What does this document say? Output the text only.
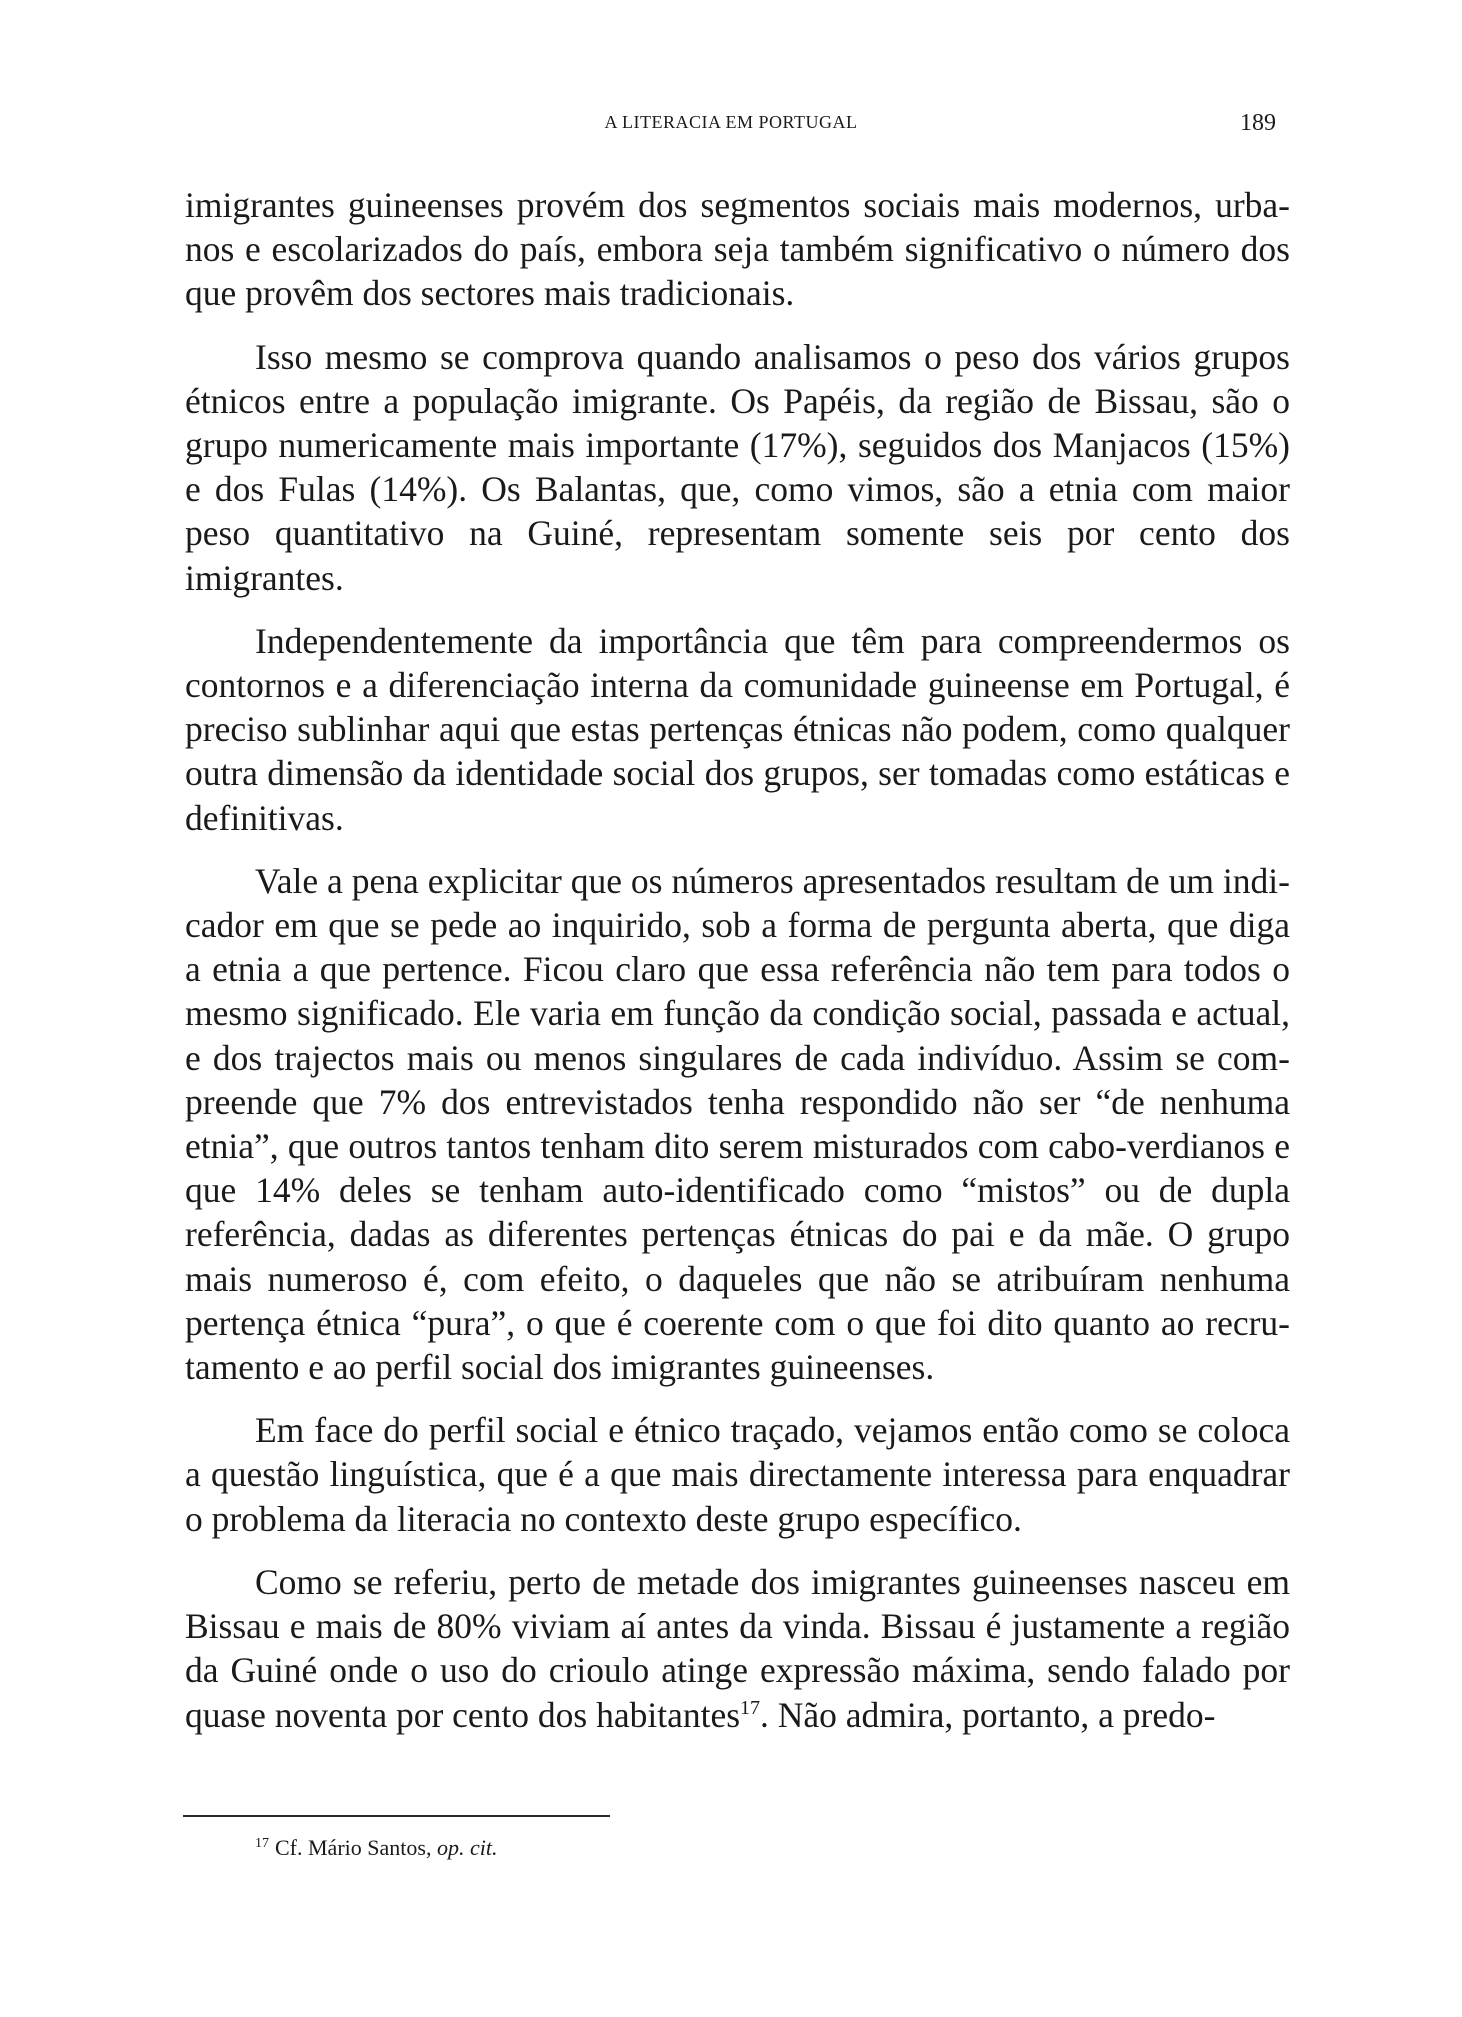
A LITERACIA EM PORTUGAL	189

imigrantes guineenses provém dos segmentos sociais mais modernos, urbanos e escolarizados do país, embora seja também significativo o número dos que provêm dos sectores mais tradicionais.

Isso mesmo se comprova quando analisamos o peso dos vários grupos étnicos entre a população imigrante. Os Papéis, da região de Bissau, são o grupo numericamente mais importante (17%), seguidos dos Manjacos (15%) e dos Fulas (14%). Os Balantas, que, como vimos, são a etnia com maior peso quantitativo na Guiné, representam somente seis por cento dos imigrantes.

Independentemente da importância que têm para compreendermos os contornos e a diferenciação interna da comunidade guineense em Portugal, é preciso sublinhar aqui que estas pertenças étnicas não podem, como qualquer outra dimensão da identidade social dos grupos, ser tomadas como estáticas e definitivas.

Vale a pena explicitar que os números apresentados resultam de um indicador em que se pede ao inquirido, sob a forma de pergunta aberta, que diga a etnia a que pertence. Ficou claro que essa referência não tem para todos o mesmo significado. Ele varia em função da condição social, passada e actual, e dos trajectos mais ou menos singulares de cada indivíduo. Assim se compreende que 7% dos entrevistados tenha respondido não ser “de nenhuma etnia”, que outros tantos tenham dito serem misturados com cabo-verdianos e que 14% deles se tenham auto-identificado como “mistos” ou de dupla referência, dadas as diferentes pertenças étnicas do pai e da mãe. O grupo mais numeroso é, com efeito, o daqueles que não se atribuíram nenhuma pertença étnica “pura”, o que é coerente com o que foi dito quanto ao recrutamento e ao perfil social dos imigrantes guineenses.

Em face do perfil social e étnico traçado, vejamos então como se coloca a questão linguística, que é a que mais directamente interessa para enquadrar o problema da literacia no contexto deste grupo específico.

Como se referiu, perto de metade dos imigrantes guineenses nasceu em Bissau e mais de 80% viviam aí antes da vinda. Bissau é justamente a região da Guiné onde o uso do crioulo atinge expressão máxima, sendo falado por quase noventa por cento dos habitantes$^{17}$. Não admira, portanto, a predo-

$^{17}$ Cf. Mário Santos, op. cit.
